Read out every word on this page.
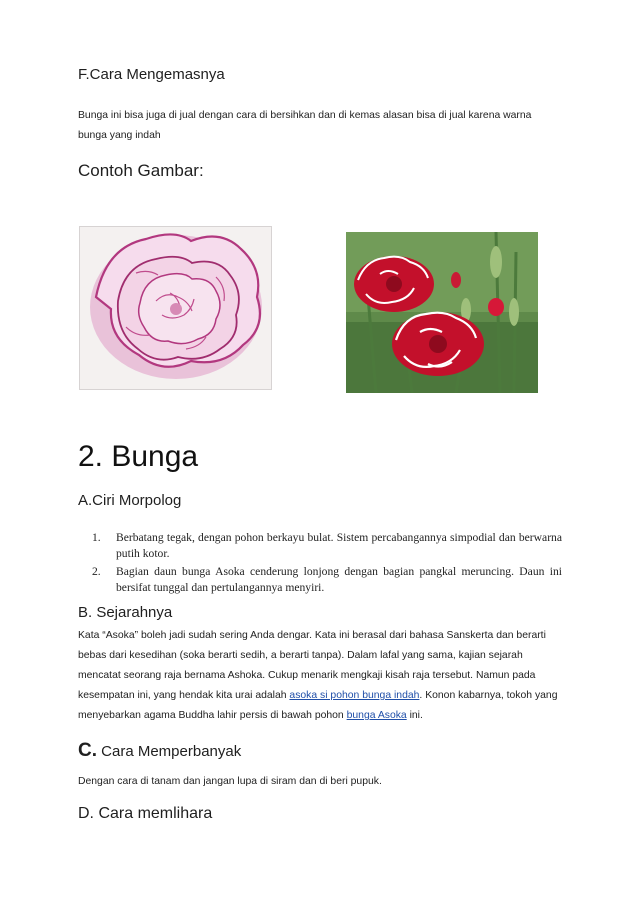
F.Cara Mengemasnya

Bunga ini bisa juga di jual dengan cara di bersihkan dan di kemas alasan bisa di jual karena warna bunga yang indah

Contoh Gambar:
2. Bunga
A.Ciri Morpolog
1. Berbatang tegak, dengan pohon berkayu bulat. Sistem percabangannya simpodial dan berwarna putih kotor.
2. Bagian daun bunga Asoka cenderung lonjong dengan bagian pangkal meruncing. Daun ini bersifat tunggal dan pertulangannya menyiri.
B. Sejarahnya

Kata “Asoka” boleh jadi sudah sering Anda dengar. Kata ini berasal dari bahasa Sanskerta dan berarti bebas dari kesedihan (soka berarti sedih, a berarti tanpa). Dalam lafal yang sama, kajian sejarah mencatat seorang raja bernama Ashoka. Cukup menarik mengkaji kisah raja tersebut. Namun pada kesempatan ini, yang hendak kita urai adalah asoka si pohon bunga indah. Konon kabarnya, tokoh yang menyebarkan agama Buddha lahir persis di bawah pohon bunga Asoka ini.

C. Cara Memperbanyak

Dengan cara di tanam dan jangan lupa di siram dan di beri pupuk.

D. Cara memlihara
